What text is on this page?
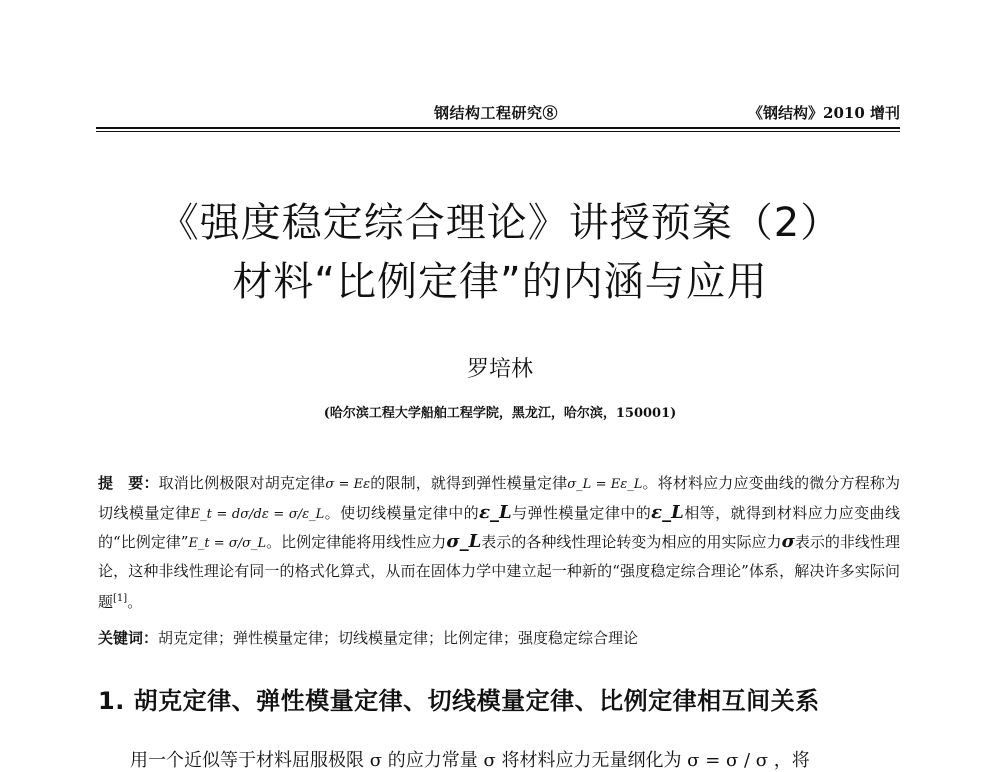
钢结构工程研究⑧	《钢结构》2010 增刊
《强度稳定综合理论》讲授预案（2）
材料“比例定律”的内涵与应用
罗培林
(哈尔滨工程大学船舶工程学院，黑龙江，哈尔滨，150001)

提　要：取消比例极限对胡克定律σ = Eε的限制，就得到弹性模量定律σ_L = Eε_L。将材料应力应变曲线的微分方程称为切线模量定律E_t = dσ/dε = σ/ε_L。使切线模量定律中的ε_L与弹性模量定律中的ε_L相等，就得到材料应力应变曲线的“比例定律”E_t = σ/σ_L。比例定律能将用线性应力σ_L表示的各种线性理论转变为相应的用实际应力σ表示的非线性理论，这种非线性理论有同一的格式化算式，从而在固体力学中建立起一种新的“强度稳定综合理论”体系，解决许多实际问题[1]。

关键词：胡克定律；弹性模量定律；切线模量定律；比例定律；强度稳定综合理论
1. 胡克定律、弹性模量定律、切线模量定律、比例定律相互间关系
用一个近似等于材料屈服极限 σ 的应力常量 σ 将材料应力无量纲化为 σ = σ / σ ，将
